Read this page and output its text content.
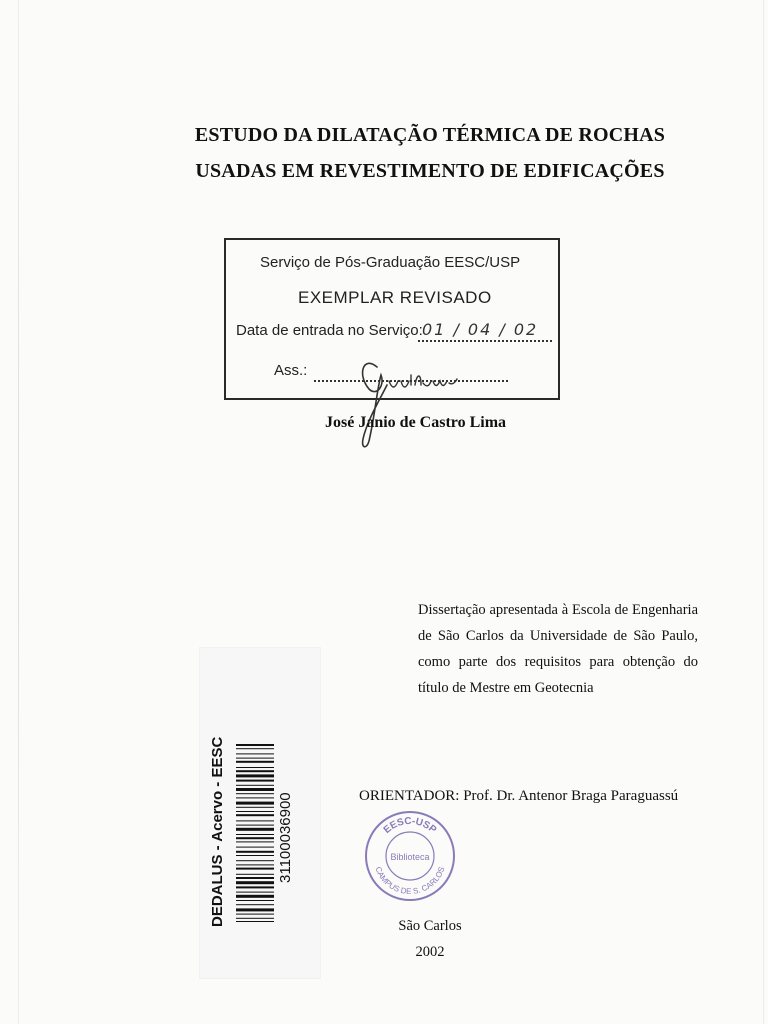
ESTUDO DA DILATAÇÃO TÉRMICA DE ROCHAS
USADAS EM REVESTIMENTO DE EDIFICAÇÕES
Serviço de Pós-Graduação EESC/USP
EXEMPLAR REVISADO
Data de entrada no Serviço: 01 / 04 / 02
Ass.:
José Janio de Castro Lima
Dissertação apresentada à Escola de Engenharia de São Carlos da Universidade de São Paulo, como parte dos requisitos para obtenção do título de Mestre em Geotecnia
ORIENTADOR: Prof. Dr. Antenor Braga Paraguassú
EESC-USP
Biblioteca
CAMPUS DE S. CARLOS
DEDALUS - Acervo - EESC	31100036900
São Carlos
2002
